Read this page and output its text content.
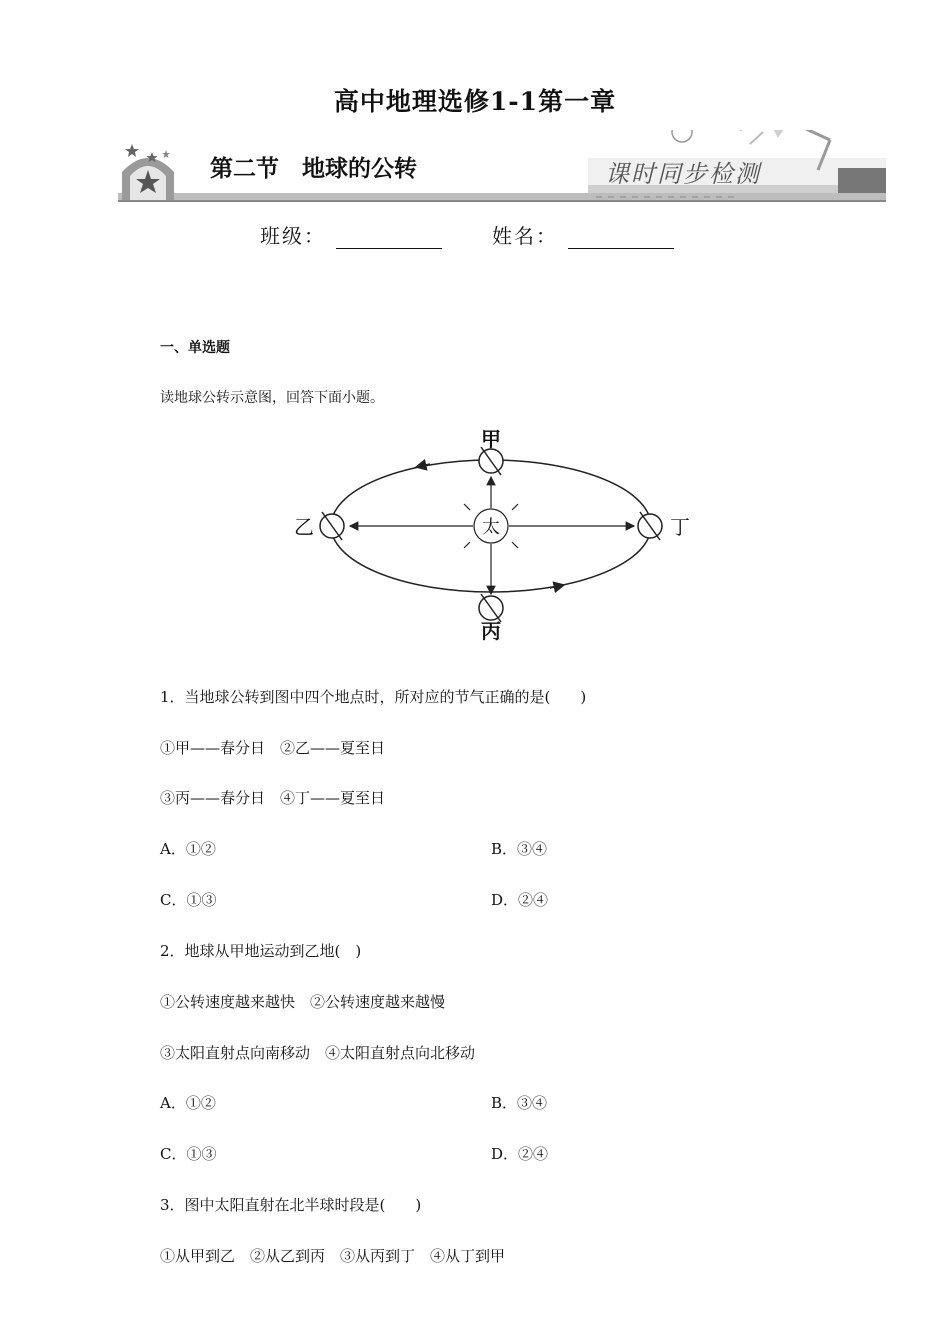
高中地理选修1-1第一章
第二节　地球的公转	课时同步检测
班级：	姓名：
一、单选题
读地球公转示意图，回答下面小题。
太
甲
丙
乙	丁
1．当地球公转到图中四个地点时，所对应的节气正确的是(　　)
①甲——春分日　②乙——夏至日
③丙——春分日　④丁——夏至日
A．①②	B．③④
C．①③	D．②④
2．地球从甲地运动到乙地(　)
①公转速度越来越快　②公转速度越来越慢
③太阳直射点向南移动　④太阳直射点向北移动
A．①②	B．③④
C．①③	D．②④
3．图中太阳直射在北半球时段是(　　)
①从甲到乙　②从乙到丙　③从丙到丁　④从丁到甲
